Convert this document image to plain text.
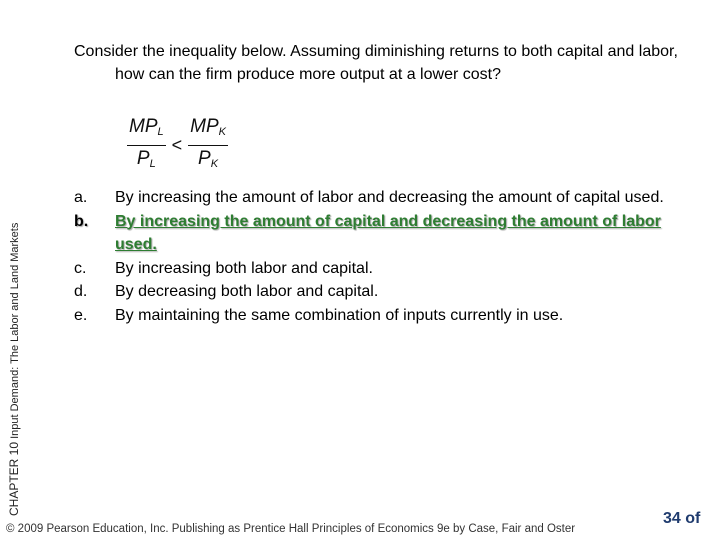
CHAPTER 10 Input Demand: The Labor and Land Markets

Consider the inequality below. Assuming diminishing returns to both capital and labor, how can the firm produce more output at a lower cost?

$\frac{MP_L}{P_L} < \frac{MP_K}{P_K}$
a.	By increasing the amount of labor and decreasing the amount of capital used.
b.	By increasing the amount of capital and decreasing the amount of labor used.
c.	By increasing both labor and capital.
d.	By decreasing both labor and capital.
e.	By maintaining the same combination of inputs currently in use.
© 2009 Pearson Education, Inc. Publishing as Prentice Hall Principles of Economics 9e by Case, Fair and Oster
34 of
